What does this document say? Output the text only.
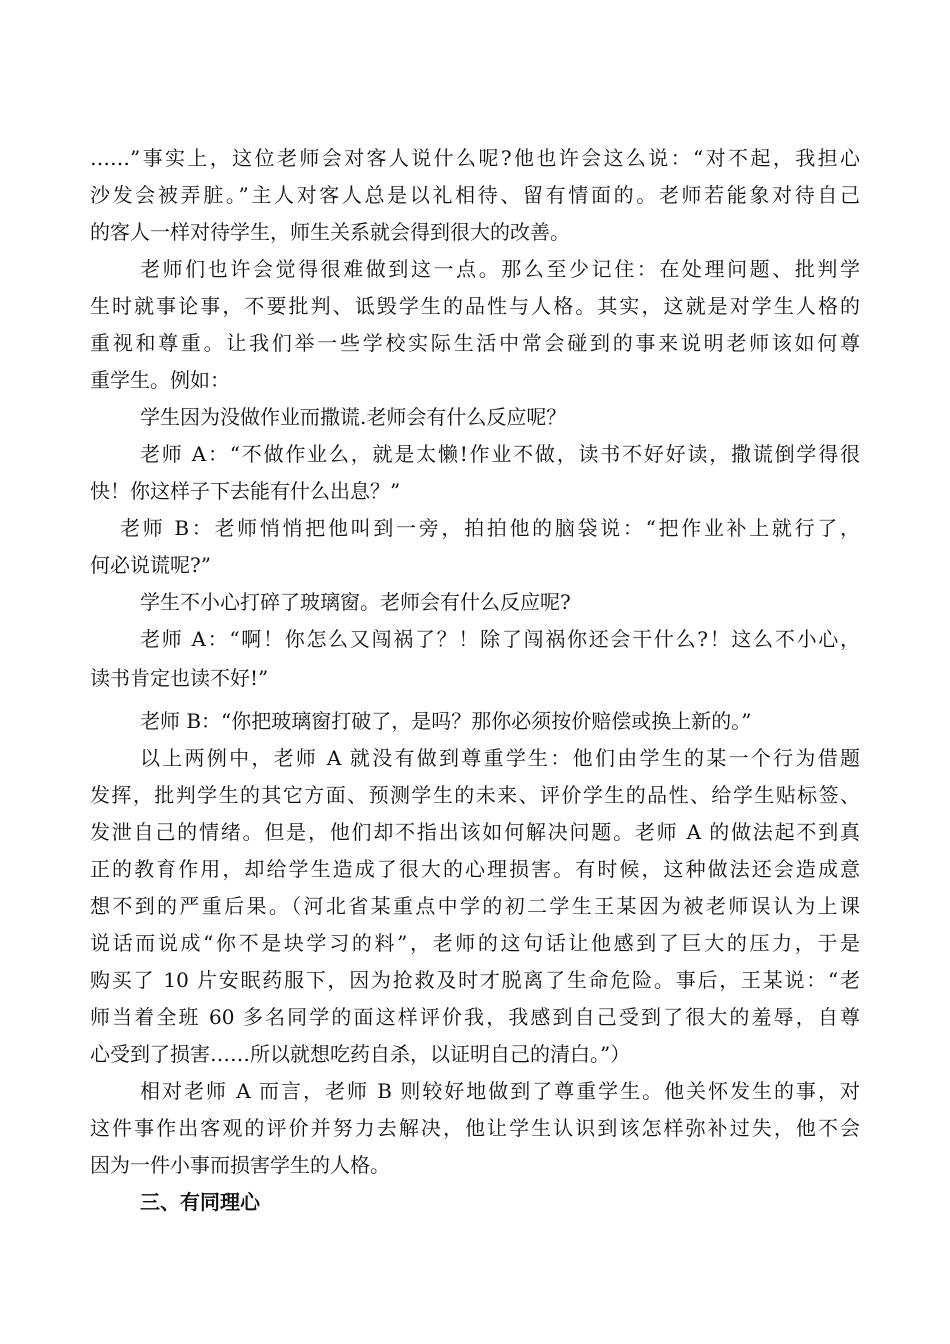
……”事实上，这位老师会对客人说什么呢?他也许会这么说：“对不起，我担心
沙发会被弄脏。”主人对客人总是以礼相待、留有情面的。老师若能象对待自己
的客人一样对待学生，师生关系就会得到很大的改善。
老师们也许会觉得很难做到这一点。那么至少记住：在处理问题、批判学
生时就事论事，不要批判、诋毁学生的品性与人格。其实，这就是对学生人格的
重视和尊重。让我们举一些学校实际生活中常会碰到的事来说明老师该如何尊
重学生。例如：
学生因为没做作业而撒谎.老师会有什么反应呢？
老师 A：“不做作业么，就是太懒!作业不做，读书不好好读，撒谎倒学得很
快！你这样子下去能有什么出息？”
老师 B：老师悄悄把他叫到一旁，拍拍他的脑袋说：“把作业补上就行了，
何必说谎呢?”
学生不小心打碎了玻璃窗。老师会有什么反应呢?
老师 A：“啊！你怎么又闯祸了？！除了闯祸你还会干什么?！这么不小心，
读书肯定也读不好!”
老师 B：“你把玻璃窗打破了，是吗？那你必须按价赔偿或换上新的。”
以上两例中，老师 A 就没有做到尊重学生：他们由学生的某一个行为借题
发挥，批判学生的其它方面、预测学生的未来、评价学生的品性、给学生贴标签、
发泄自己的情绪。但是，他们却不指出该如何解决问题。老师 A 的做法起不到真
正的教育作用，却给学生造成了很大的心理损害。有时候，这种做法还会造成意
想不到的严重后果。（河北省某重点中学的初二学生王某因为被老师误认为上课
说话而说成“你不是块学习的料”，老师的这句话让他感到了巨大的压力，于是
购买了 10 片安眠药服下，因为抢救及时才脱离了生命危险。事后，王某说：“老
师当着全班 60 多名同学的面这样评价我，我感到自己受到了很大的羞辱，自尊
心受到了损害……所以就想吃药自杀，以证明自己的清白。”）
相对老师 A 而言，老师 B 则较好地做到了尊重学生。他关怀发生的事，对
这件事作出客观的评价并努力去解决，他让学生认识到该怎样弥补过失，他不会
因为一件小事而损害学生的人格。
三、有同理心
